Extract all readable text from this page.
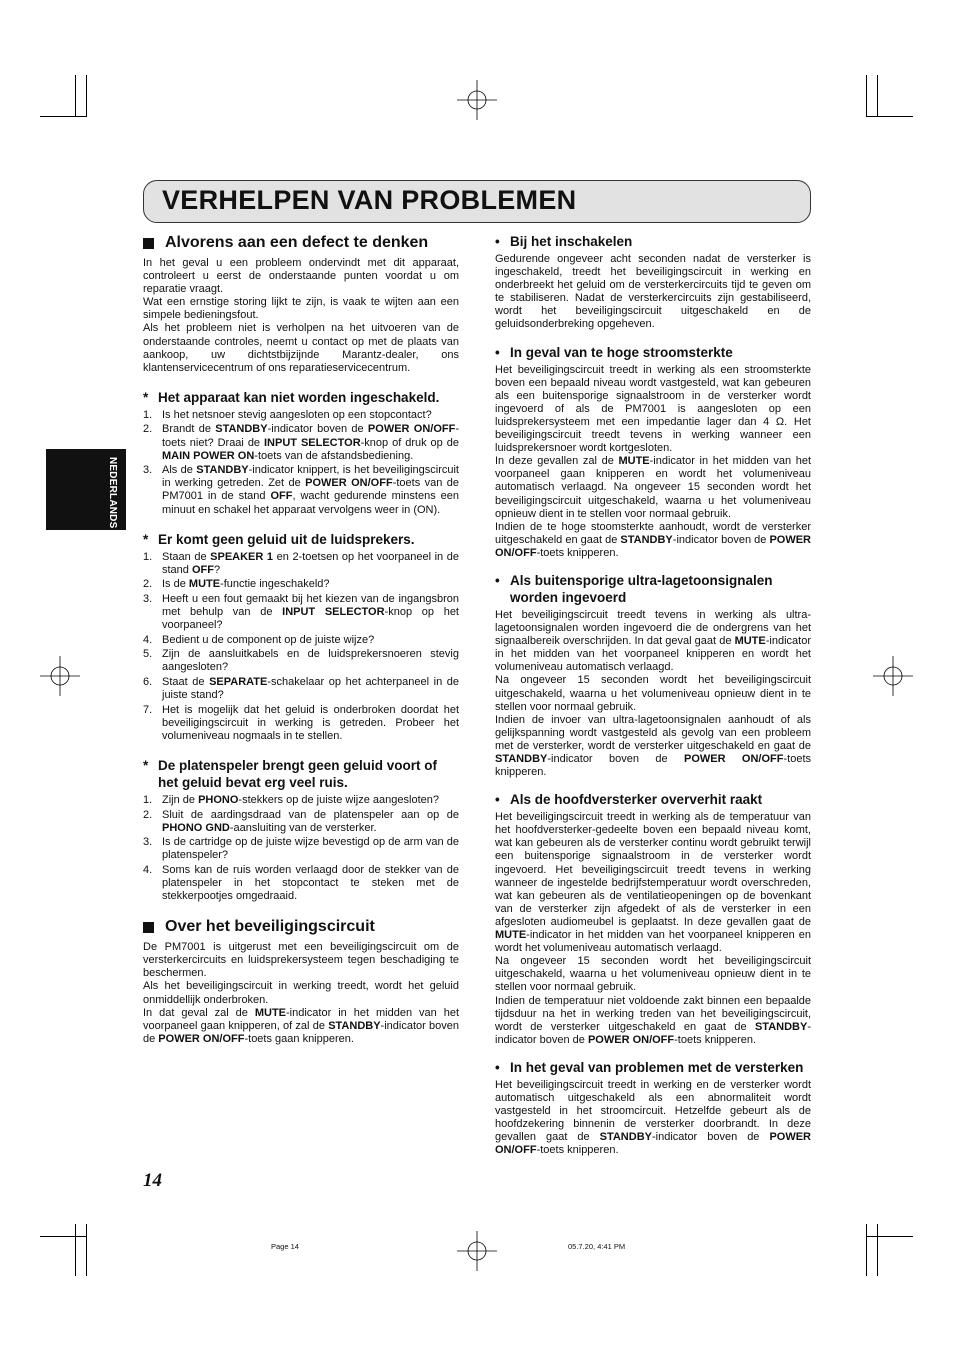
VERHELPEN VAN PROBLEMEN
NEDERLANDS
Alvorens aan een defect te denken

In het geval u een probleem ondervindt met dit apparaat, controleert u eerst de onderstaande punten voordat u om reparatie vraagt.

Wat een ernstige storing lijkt te zijn, is vaak te wijten aan een simpele bedieningsfout.

Als het probleem niet is verholpen na het uitvoeren van de onderstaande controles, neemt u contact op met de plaats van aankoop, uw dichtstbijzijnde Marantz-dealer, ons klantenservicecentrum of ons reparatieservicecentrum.

* Het apparaat kan niet worden ingeschakeld.
1. Is het netsnoer stevig aangesloten op een stopcontact?
2. Brandt de STANDBY-indicator boven de POWER ON/OFF-toets niet? Draai de INPUT SELECTOR-knop of druk op de MAIN POWER ON-toets van de afstandsbediening.
3. Als de STANDBY-indicator knippert, is het beveiligingscircuit in werking getreden. Zet de POWER ON/OFF-toets van de PM7001 in de stand OFF, wacht gedurende minstens een minuut en schakel het apparaat vervolgens weer in (ON).
* Er komt geen geluid uit de luidsprekers.
1. Staan de SPEAKER 1 en 2-toetsen op het voorpaneel in de stand OFF?
2. Is de MUTE-functie ingeschakeld?
3. Heeft u een fout gemaakt bij het kiezen van de ingangsbron met behulp van de INPUT SELECTOR-knop op het voorpaneel?
4. Bedient u de component op de juiste wijze?
5. Zijn de aansluitkabels en de luidsprekersnoeren stevig aangesloten?
6. Staat de SEPARATE-schakelaar op het achterpaneel in de juiste stand?
7. Het is mogelijk dat het geluid is onderbroken doordat het beveiligingscircuit in werking is getreden. Probeer het volumeniveau nogmaals in te stellen.
* De platenspeler brengt geen geluid voort of het geluid bevat erg veel ruis.
1. Zijn de PHONO-stekkers op de juiste wijze aangesloten?
2. Sluit de aardingsdraad van de platenspeler aan op de PHONO GND-aansluiting van de versterker.
3. Is de cartridge op de juiste wijze bevestigd op de arm van de platenspeler?
4. Soms kan de ruis worden verlaagd door de stekker van de platenspeler in het stopcontact te steken met de stekkerpootjes omgedraaid.
Over het beveiligingscircuit

De PM7001 is uitgerust met een beveiligingscircuit om de versterkercircuits en luidsprekersysteem tegen beschadiging te beschermen.

Als het beveiligingscircuit in werking treedt, wordt het geluid onmiddellijk onderbroken.

In dat geval zal de MUTE-indicator in het midden van het voorpaneel gaan knipperen, of zal de STANDBY-indicator boven de POWER ON/OFF-toets gaan knipperen.

• Bij het inschakelen

Gedurende ongeveer acht seconden nadat de versterker is ingeschakeld, treedt het beveiligingscircuit in werking en onderbreekt het geluid om de versterkercircuits tijd te geven om te stabiliseren. Nadat de versterkercircuits zijn gestabiliseerd, wordt het beveiligingscircuit uitgeschakeld en de geluidsonderbreking opgeheven.

• In geval van te hoge stroomsterkte

Het beveiligingscircuit treedt in werking als een stroomsterkte boven een bepaald niveau wordt vastgesteld, wat kan gebeuren als een buitensporige signaalstroom in de versterker wordt ingevoerd of als de PM7001 is aangesloten op een luidsprekersysteem met een impedantie lager dan 4 Ω. Het beveiligingscircuit treedt tevens in werking wanneer een luidsprekersnoer wordt kortgesloten.

In deze gevallen zal de MUTE-indicator in het midden van het voorpaneel gaan knipperen en wordt het volumeniveau automatisch verlaagd. Na ongeveer 15 seconden wordt het beveiligingscircuit uitgeschakeld, waarna u het volumeniveau opnieuw dient in te stellen voor normaal gebruik.

Indien de te hoge stoomsterkte aanhoudt, wordt de versterker uitgeschakeld en gaat de STANDBY-indicator boven de POWER ON/OFF-toets knipperen.

• Als buitensporige ultra-lagetoonsignalen worden ingevoerd

Het beveiligingscircuit treedt tevens in werking als ultra-lagetoonsignalen worden ingevoerd die de ondergrens van het signaalbereik overschrijden. In dat geval gaat de MUTE-indicator in het midden van het voorpaneel knipperen en wordt het volumeniveau automatisch verlaagd.

Na ongeveer 15 seconden wordt het beveiligingscircuit uitgeschakeld, waarna u het volumeniveau opnieuw dient in te stellen voor normaal gebruik.

Indien de invoer van ultra-lagetoonsignalen aanhoudt of als gelijkspanning wordt vastgesteld als gevolg van een probleem met de versterker, wordt de versterker uitgeschakeld en gaat de STANDBY-indicator boven de POWER ON/OFF-toets knipperen.

• Als de hoofdversterker oververhit raakt

Het beveiligingscircuit treedt in werking als de temperatuur van het hoofdversterker-gedeelte boven een bepaald niveau komt, wat kan gebeuren als de versterker continu wordt gebruikt terwijl een buitensporige signaalstroom in de versterker wordt ingevoerd. Het beveiligingscircuit treedt tevens in werking wanneer de ingestelde bedrijfstemperatuur wordt overschreden, wat kan gebeuren als de ventilatieopeningen op de bovenkant van de versterker zijn afgedekt of als de versterker in een afgesloten audiomeubel is geplaatst. In deze gevallen gaat de MUTE-indicator in het midden van het voorpaneel knipperen en wordt het volumeniveau automatisch verlaagd.

Na ongeveer 15 seconden wordt het beveiligingscircuit uitgeschakeld, waarna u het volumeniveau opnieuw dient in te stellen voor normaal gebruik.

Indien de temperatuur niet voldoende zakt binnen een bepaalde tijdsduur na het in werking treden van het beveiligingscircuit, wordt de versterker uitgeschakeld en gaat de STANDBY-indicator boven de POWER ON/OFF-toets knipperen.

• In het geval van problemen met de versterken

Het beveiligingscircuit treedt in werking en de versterker wordt automatisch uitgeschakeld als een abnormaliteit wordt vastgesteld in het stroomcircuit. Hetzelfde gebeurt als de hoofdzekering binnenin de versterker doorbrandt. In deze gevallen gaat de STANDBY-indicator boven de POWER ON/OFF-toets knipperen.

14
Page 14	05.7.20, 4:41 PM
